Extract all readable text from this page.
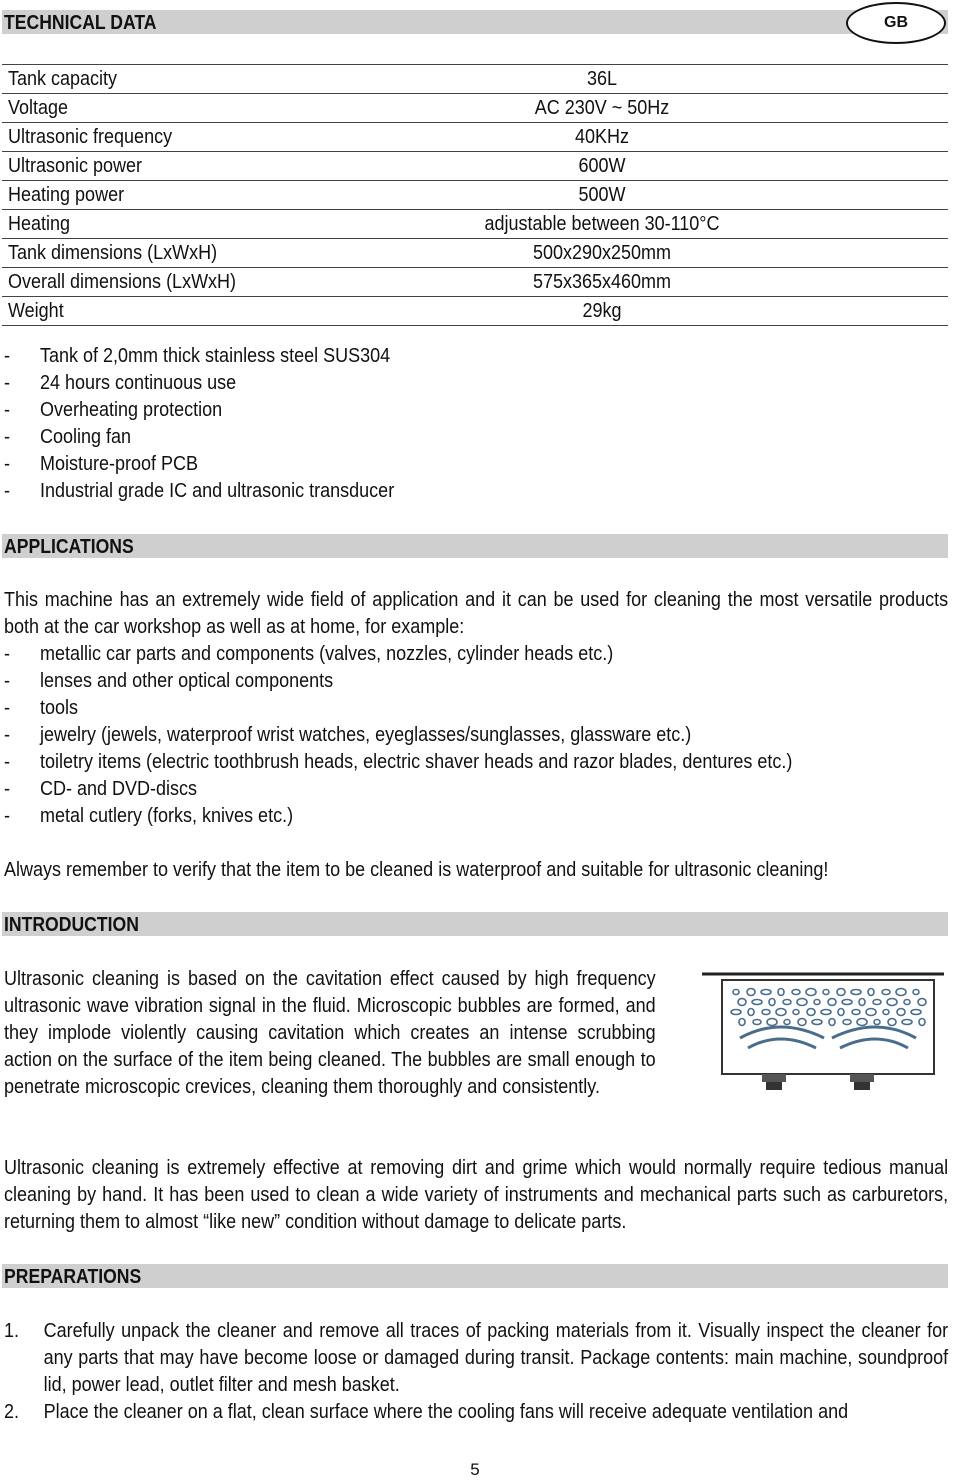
TECHNICAL DATA	GB
Tank capacity	36L
Voltage	AC 230V ~ 50Hz
Ultrasonic frequency	40KHz
Ultrasonic power	600W
Heating power	500W
Heating	adjustable between 30-110°C
Tank dimensions (LxWxH)	500x290x250mm
Overall dimensions (LxWxH)	575x365x460mm
Weight	29kg
- Tank of 2,0mm thick stainless steel SUS304
- 24 hours continuous use
- Overheating protection
- Cooling fan
- Moisture-proof PCB
- Industrial grade IC and ultrasonic transducer
APPLICATIONS
This machine has an extremely wide field of application and it can be used for cleaning the most versatile products both at the car workshop as well as at home, for example:
- metallic car parts and components (valves, nozzles, cylinder heads etc.)
- lenses and other optical components
- tools
- jewelry (jewels, waterproof wrist watches, eyeglasses/sunglasses, glassware etc.)
- toiletry items (electric toothbrush heads, electric shaver heads and razor blades, dentures etc.)
- CD- and DVD-discs
- metal cutlery (forks, knives etc.)
Always remember to verify that the item to be cleaned is waterproof and suitable for ultrasonic cleaning!
INTRODUCTION
Ultrasonic cleaning is based on the cavitation effect caused by high frequency ultrasonic wave vibration signal in the fluid. Microscopic bubbles are formed, and they implode violently causing cavitation which creates an intense scrubbing action on the surface of the item being cleaned. The bubbles are small enough to penetrate microscopic crevices, cleaning them thoroughly and consistently.
Ultrasonic cleaning is extremely effective at removing dirt and grime which would normally require tedious manual cleaning by hand. It has been used to clean a wide variety of instruments and mechanical parts such as carburetors, returning them to almost “like new” condition without damage to delicate parts.
PREPARATIONS
1. Carefully unpack the cleaner and remove all traces of packing materials from it. Visually inspect the cleaner for any parts that may have become loose or damaged during transit. Package contents: main machine, soundproof lid, power lead, outlet filter and mesh basket.
2. Place the cleaner on a flat, clean surface where the cooling fans will receive adequate ventilation and
5
